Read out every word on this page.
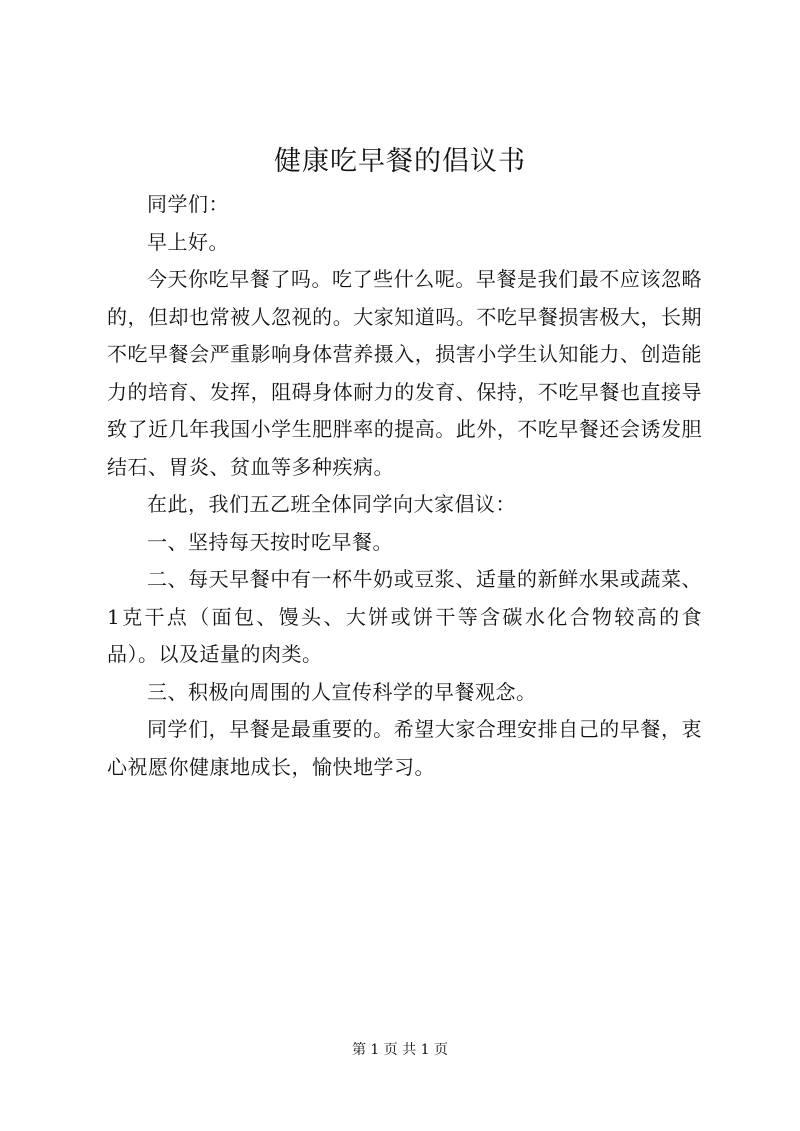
健康吃早餐的倡议书

同学们：

早上好。

今天你吃早餐了吗。吃了些什么呢。早餐是我们最不应该忽略的，但却也常被人忽视的。大家知道吗。不吃早餐损害极大，长期不吃早餐会严重影响身体营养摄入，损害小学生认知能力、创造能力的培育、发挥，阻碍身体耐力的发育、保持，不吃早餐也直接导致了近几年我国小学生肥胖率的提高。此外，不吃早餐还会诱发胆结石、胃炎、贫血等多种疾病。

在此，我们五乙班全体同学向大家倡议：

一、坚持每天按时吃早餐。

二、每天早餐中有一杯牛奶或豆浆、适量的新鲜水果或蔬菜、1克干点（面包、馒头、大饼或饼干等含碳水化合物较高的食品）。以及适量的肉类。

三、积极向周围的人宣传科学的早餐观念。

同学们，早餐是最重要的。希望大家合理安排自己的早餐，衷心祝愿你健康地成长，愉快地学习。

第 1 页 共 1 页
